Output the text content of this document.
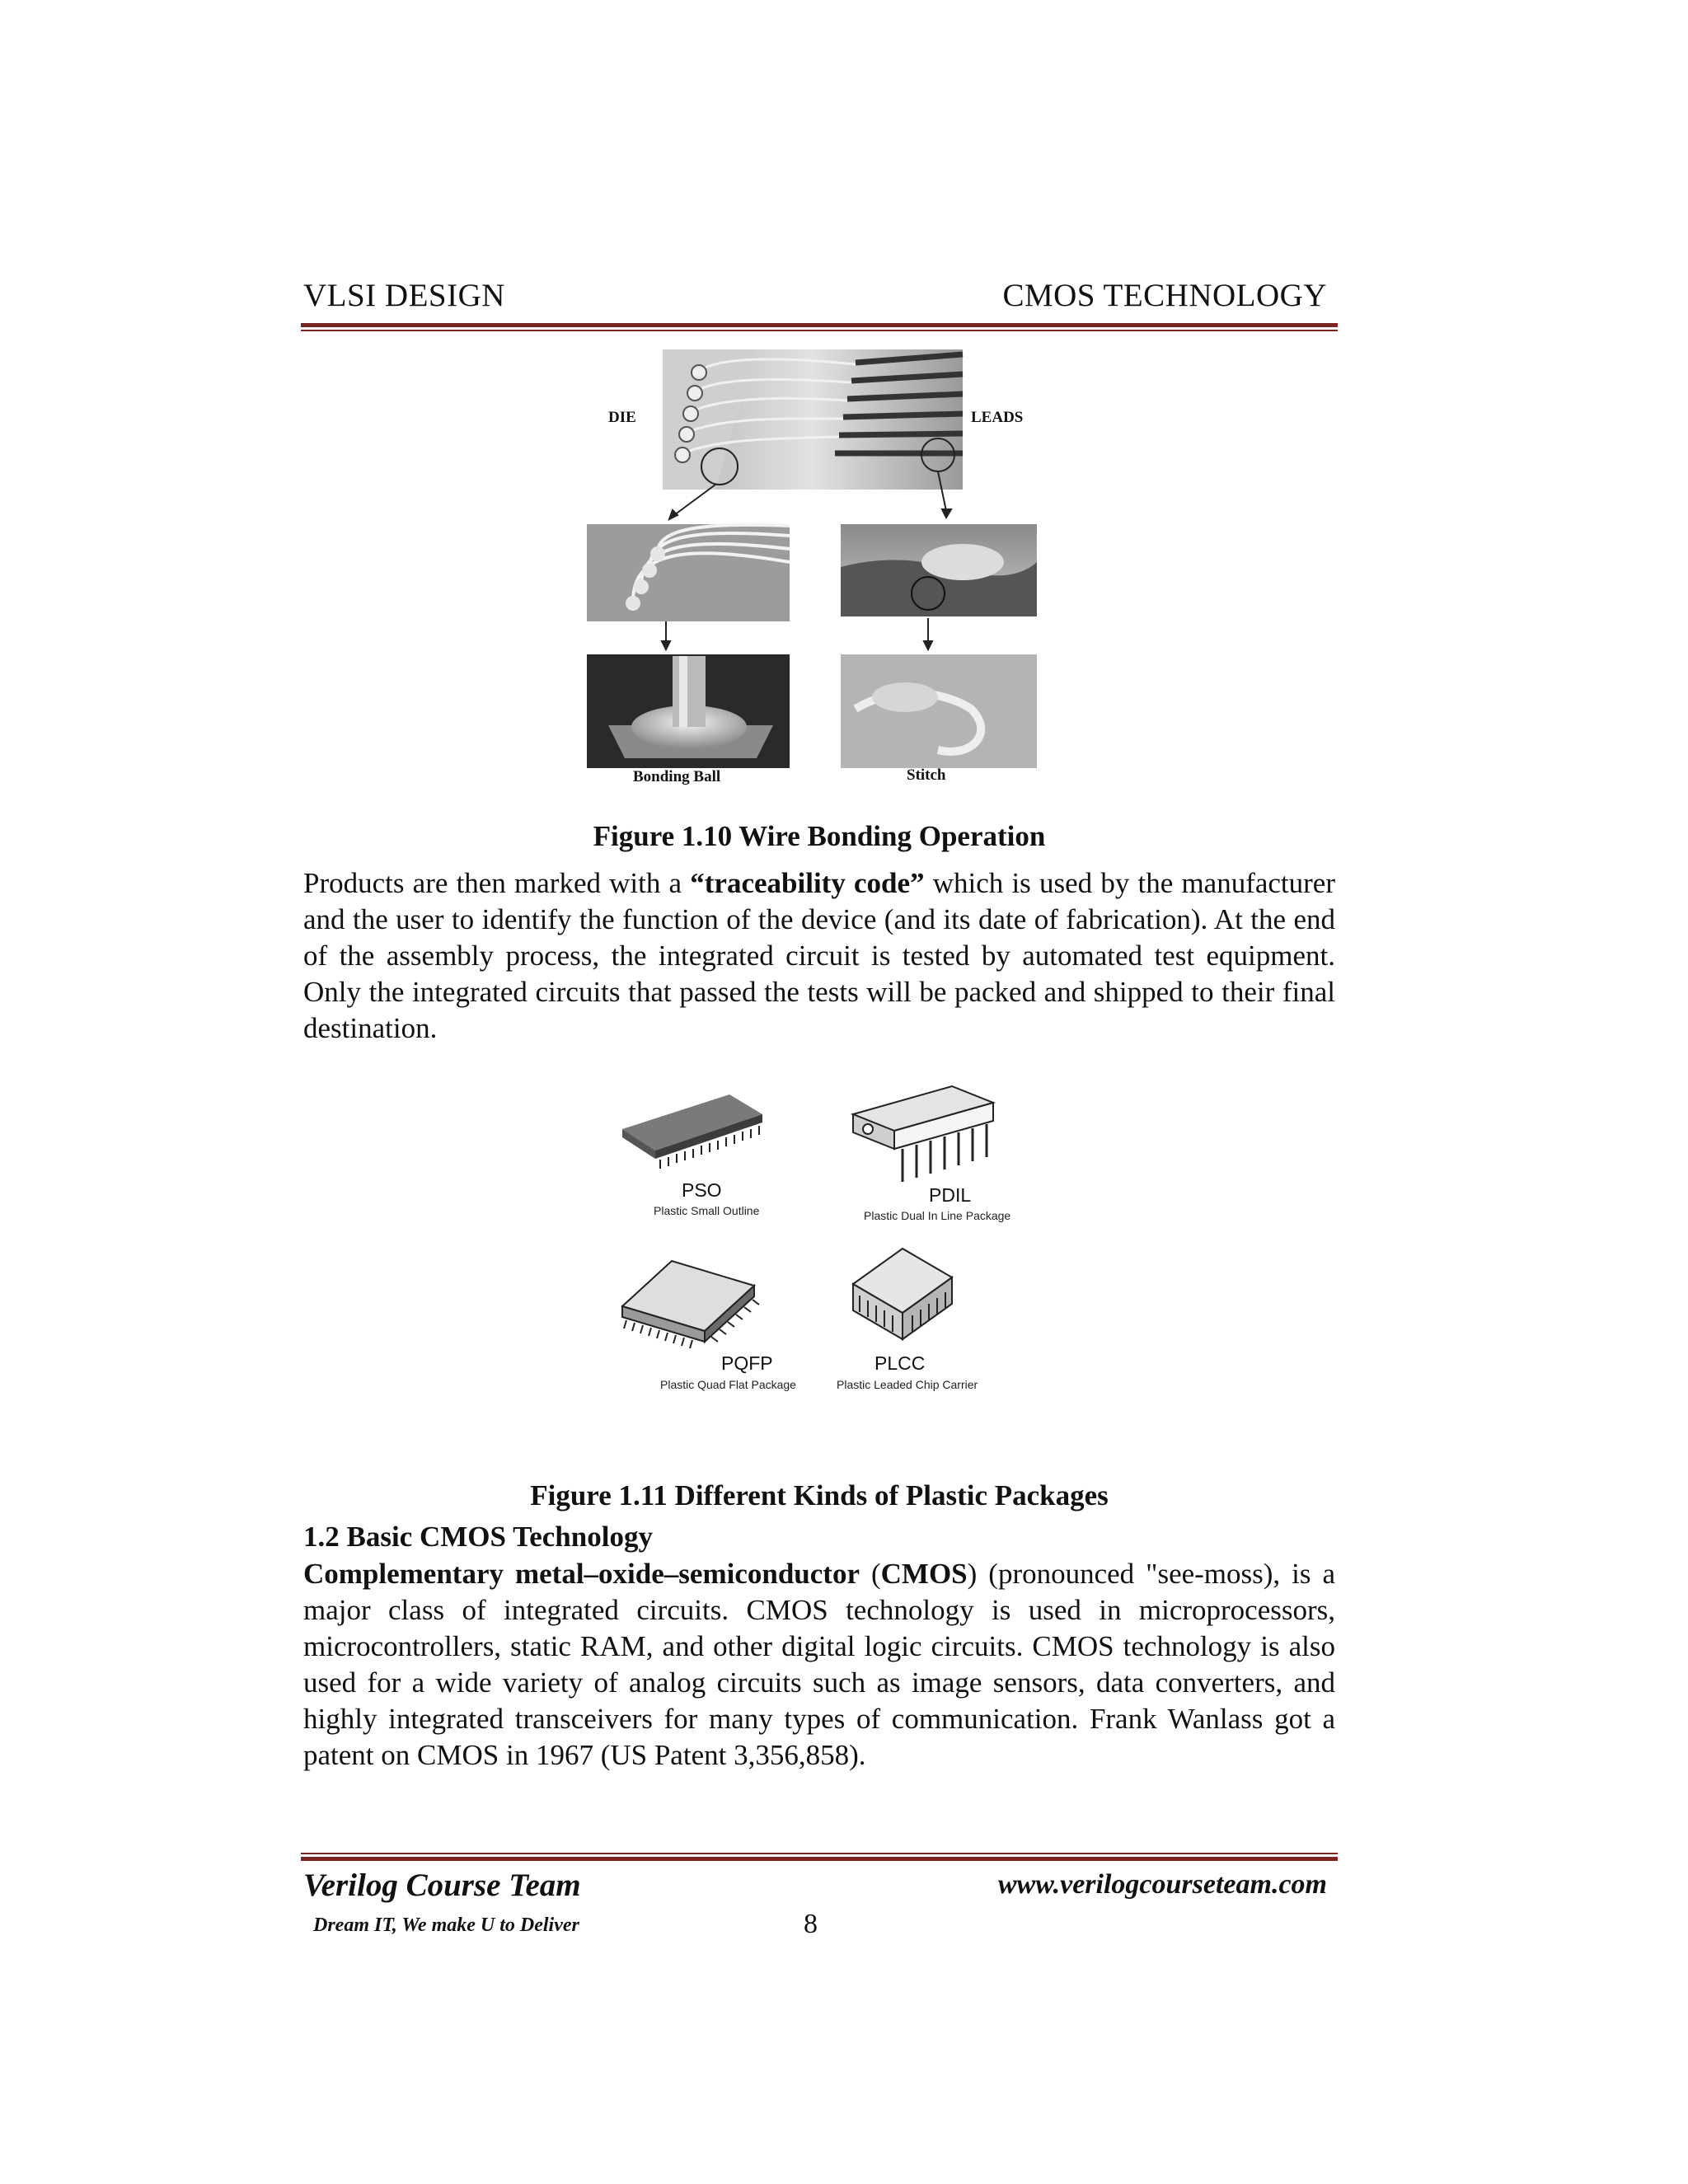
VLSI DESIGN	CMOS TECHNOLOGY
DIE	LEADS
Bonding Ball	Stitch
Figure 1.10 Wire Bonding Operation
Products are then marked with a “traceability code” which is used by the manufacturer and the user to identify the function of the device (and its date of fabrication). At the end of the assembly process, the integrated circuit is tested by automated test equipment. Only the integrated circuits that passed the tests will be packed and shipped to their final destination.
PSO
Plastic Small Outline
PDIL
Plastic Dual In Line Package
PQFP
Plastic Quad Flat Package
PLCC
Plastic Leaded Chip Carrier
Figure 1.11 Different Kinds of Plastic Packages
1.2 Basic CMOS Technology
Complementary metal–oxide–semiconductor (CMOS) (pronounced "see-moss), is a major class of integrated circuits. CMOS technology is used in microprocessors, microcontrollers, static RAM, and other digital logic circuits. CMOS technology is also used for a wide variety of analog circuits such as image sensors, data converters, and highly integrated transceivers for many types of communication. Frank Wanlass got a patent on CMOS in 1967 (US Patent 3,356,858).
Verilog Course Team	www.verilogcourseteam.com
Dream IT, We make U to Deliver	8
